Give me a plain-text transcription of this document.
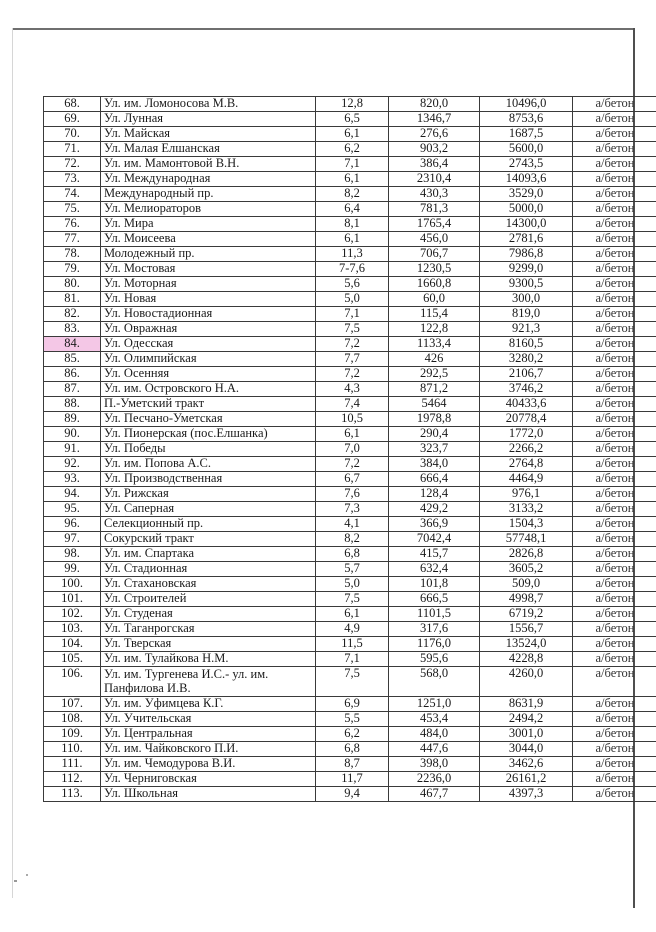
68.	Ул. им. Ломоносова М.В.	12,8	820,0	10496,0	а/бетон
69.	Ул. Лунная	6,5	1346,7	8753,6	а/бетон
70.	Ул. Майская	6,1	276,6	1687,5	а/бетон
71.	Ул. Малая Елшанская	6,2	903,2	5600,0	а/бетон
72.	Ул. им. Мамонтовой В.Н.	7,1	386,4	2743,5	а/бетон
73.	Ул. Международная	6,1	2310,4	14093,6	а/бетон
74.	Международный пр.	8,2	430,3	3529,0	а/бетон
75.	Ул. Мелиораторов	6,4	781,3	5000,0	а/бетон
76.	Ул. Мира	8,1	1765,4	14300,0	а/бетон
77.	Ул. Моисеева	6,1	456,0	2781,6	а/бетон
78.	Молодежный пр.	11,3	706,7	7986,8	а/бетон
79.	Ул. Мостовая	7-7,6	1230,5	9299,0	а/бетон
80.	Ул. Моторная	5,6	1660,8	9300,5	а/бетон
81.	Ул. Новая	5,0	60,0	300,0	а/бетон
82.	Ул. Новостадионная	7,1	115,4	819,0	а/бетон
83.	Ул. Овражная	7,5	122,8	921,3	а/бетон
84.	Ул. Одесская	7,2	1133,4	8160,5	а/бетон
85.	Ул. Олимпийская	7,7	426	3280,2	а/бетон
86.	Ул. Осенняя	7,2	292,5	2106,7	а/бетон
87.	Ул. им. Островского Н.А.	4,3	871,2	3746,2	а/бетон
88.	П.-Уметский тракт	7,4	5464	40433,6	а/бетон
89.	Ул. Песчано-Уметская	10,5	1978,8	20778,4	а/бетон
90.	Ул. Пионерская (пос.Елшанка)	6,1	290,4	1772,0	а/бетон
91.	Ул. Победы	7,0	323,7	2266,2	а/бетон
92.	Ул. им. Попова А.С.	7,2	384,0	2764,8	а/бетон
93.	Ул. Производственная	6,7	666,4	4464,9	а/бетон
94.	Ул. Рижская	7,6	128,4	976,1	а/бетон
95.	Ул. Саперная	7,3	429,2	3133,2	а/бетон
96.	Селекционный пр.	4,1	366,9	1504,3	а/бетон
97.	Сокурский тракт	8,2	7042,4	57748,1	а/бетон
98.	Ул. им. Спартака	6,8	415,7	2826,8	а/бетон
99.	Ул. Стадионная	5,7	632,4	3605,2	а/бетон
100.	Ул. Стахановская	5,0	101,8	509,0	а/бетон
101.	Ул. Строителей	7,5	666,5	4998,7	а/бетон
102.	Ул. Студеная	6,1	1101,5	6719,2	а/бетон
103.	Ул. Таганрогская	4,9	317,6	1556,7	а/бетон
104.	Ул. Тверская	11,5	1176,0	13524,0	а/бетон
105.	Ул. им. Тулайкова Н.М.	7,1	595,6	4228,8	а/бетон
106.	Ул. им. Тургенева И.С.- ул. им. Панфилова И.В.	7,5	568,0	4260,0	а/бетон
107.	Ул. им. Уфимцева К.Г.	6,9	1251,0	8631,9	а/бетон
108.	Ул. Учительская	5,5	453,4	2494,2	а/бетон
109.	Ул. Центральная	6,2	484,0	3001,0	а/бетон
110.	Ул. им. Чайковского П.И.	6,8	447,6	3044,0	а/бетон
111.	Ул. им. Чемодурова В.И.	8,7	398,0	3462,6	а/бетон
112.	Ул. Черниговская	11,7	2236,0	26161,2	а/бетон
113.	Ул. Школьная	9,4	467,7	4397,3	а/бетон
